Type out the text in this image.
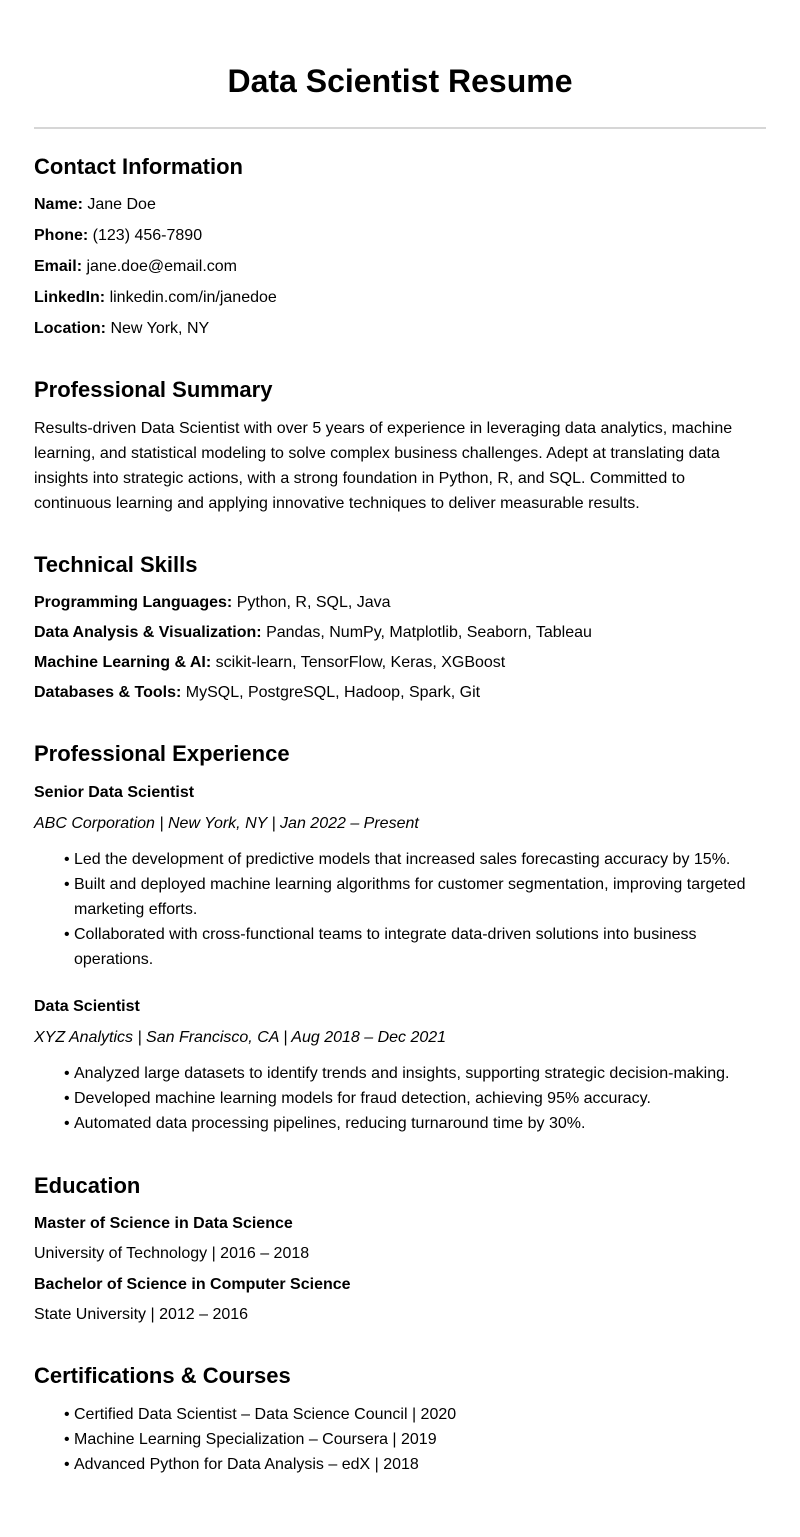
Data Scientist Resume
Contact Information
Name: Jane Doe
Phone: (123) 456-7890
Email: jane.doe@email.com
LinkedIn: linkedin.com/in/janedoe
Location: New York, NY
Professional Summary
Results-driven Data Scientist with over 5 years of experience in leveraging data analytics, machine learning, and statistical modeling to solve complex business challenges. Adept at translating data insights into strategic actions, with a strong foundation in Python, R, and SQL. Committed to continuous learning and applying innovative techniques to deliver measurable results.
Technical Skills
Programming Languages: Python, R, SQL, Java
Data Analysis & Visualization: Pandas, NumPy, Matplotlib, Seaborn, Tableau
Machine Learning & AI: scikit-learn, TensorFlow, Keras, XGBoost
Databases & Tools: MySQL, PostgreSQL, Hadoop, Spark, Git
Professional Experience
Senior Data Scientist
ABC Corporation | New York, NY | Jan 2022 – Present
• Led the development of predictive models that increased sales forecasting accuracy by 15%.
• Built and deployed machine learning algorithms for customer segmentation, improving targeted marketing efforts.
• Collaborated with cross-functional teams to integrate data-driven solutions into business operations.
Data Scientist
XYZ Analytics | San Francisco, CA | Aug 2018 – Dec 2021
• Analyzed large datasets to identify trends and insights, supporting strategic decision-making.
• Developed machine learning models for fraud detection, achieving 95% accuracy.
• Automated data processing pipelines, reducing turnaround time by 30%.
Education
Master of Science in Data Science
University of Technology | 2016 – 2018
Bachelor of Science in Computer Science
State University | 2012 – 2016
Certifications & Courses
• Certified Data Scientist – Data Science Council | 2020
• Machine Learning Specialization – Coursera | 2019
• Advanced Python for Data Analysis – edX | 2018
